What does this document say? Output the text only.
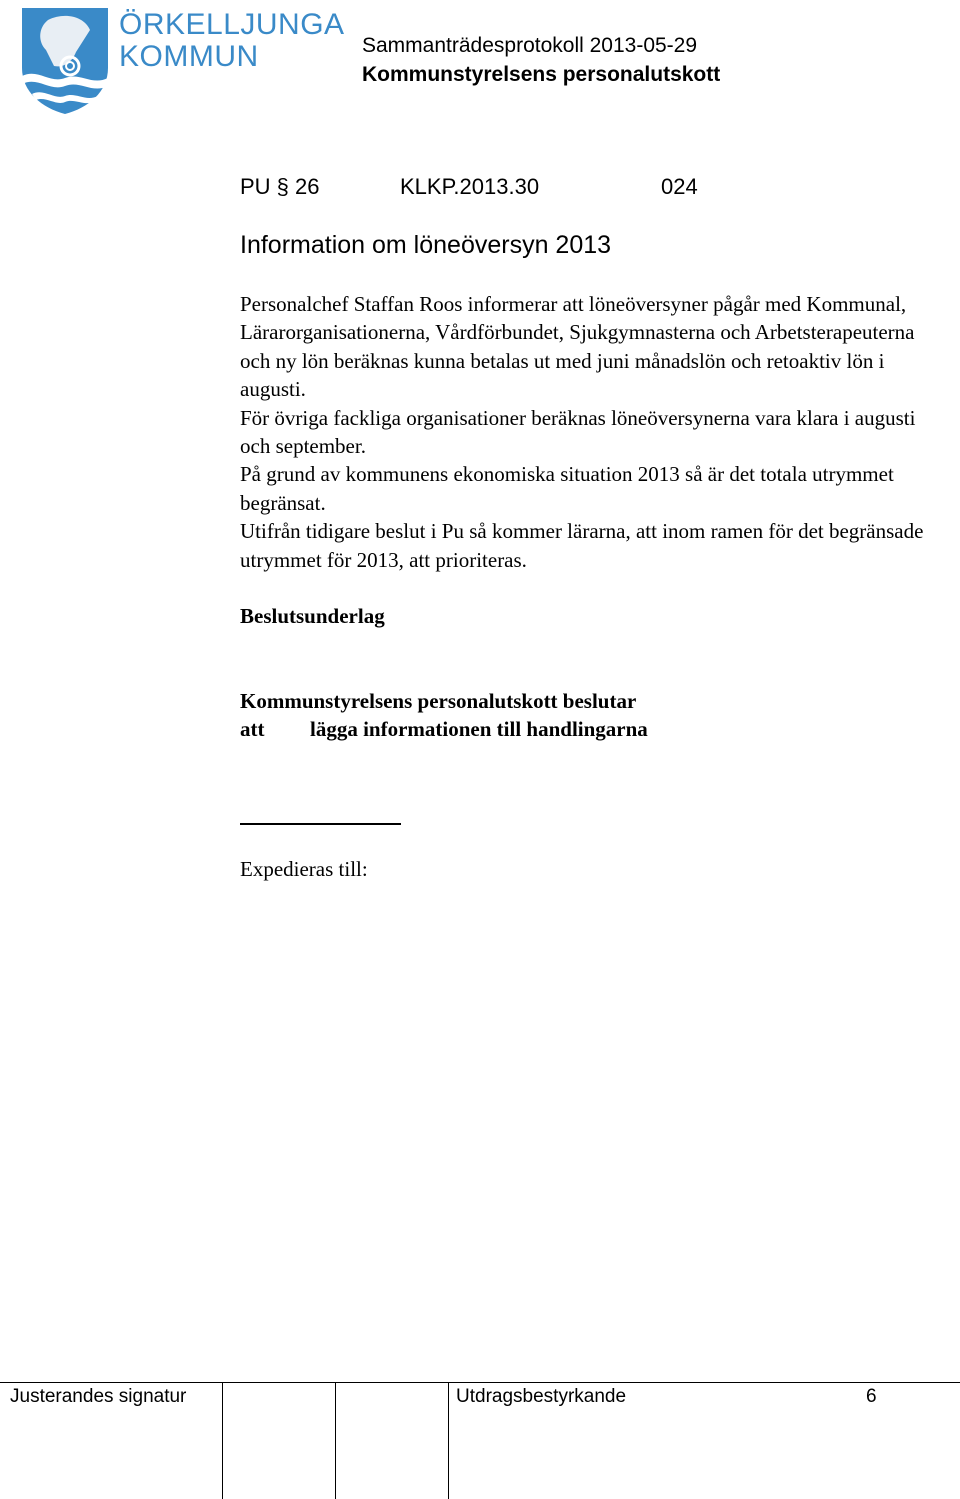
ÖRKELLJUNGA
KOMMUN	Sammanträdesprotokoll 2013-05-29
Kommunstyrelsens personalutskott
PU § 26	KLKP.2013.30	024
Information om löneöversyn 2013

Personalchef Staffan Roos informerar att löneöversyner pågår med Kommunal, Lärarorganisationerna, Vårdförbundet, Sjukgymnasterna och Arbetsterapeuterna och ny lön beräknas kunna betalas ut med juni månadslön och retoaktiv lön i augusti.

För övriga fackliga organisationer beräknas löneöversynerna vara klara i augusti och september.

På grund av kommunens ekonomiska situation 2013 så är det totala utrymmet begränsat.

Utifrån tidigare beslut i Pu så kommer lärarna, att inom ramen för det begränsade utrymmet för 2013, att prioriteras.

Beslutsunderlag
Kommunstyrelsens personalutskott beslutar
att lägga informationen till handlingarna
Expedieras till:
Justerandes signatur	Utdragsbestyrkande	6
